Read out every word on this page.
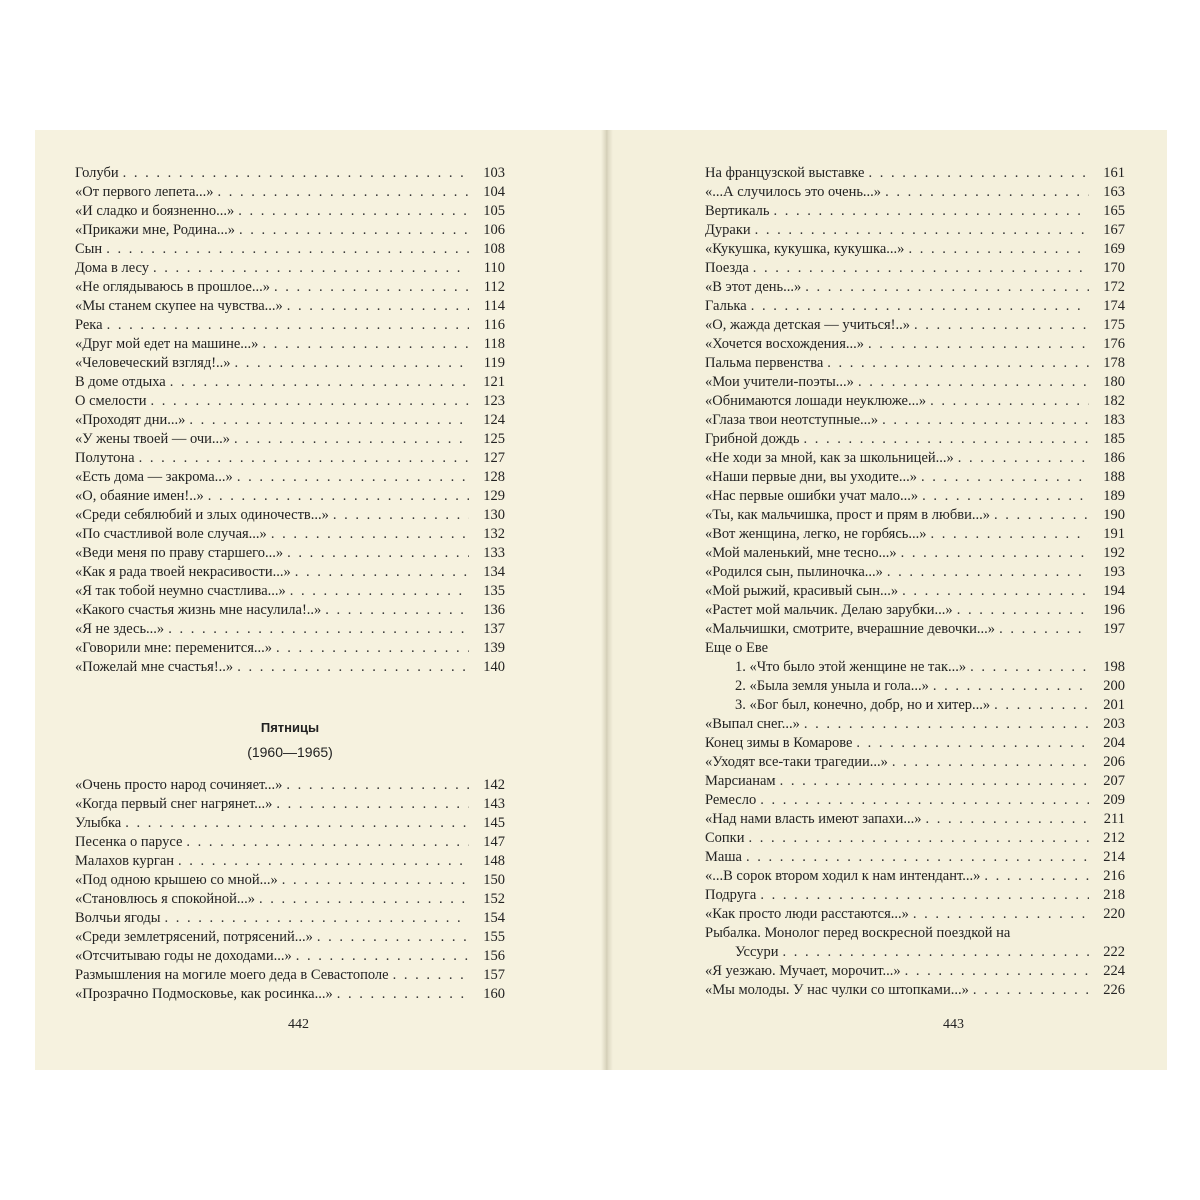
Голуби . . .	103
«От первого лепета...» . . .	104
«И сладко и боязненно...» . . .	105
«Прикажи мне, Родина...» . . .	106
Сын . . .	108
Дома в лесу . . .	110
«Не оглядываюсь в прошлое...» . . .	112
«Мы станем скупее на чувства...» . . .	114
Река . . .	116
«Друг мой едет на машине...» . . .	118
«Человеческий взгляд!..» . . .	119
В доме отдыха . . .	121
О смелости . . .	123
«Проходят дни...» . . .	124
«У жены твоей — очи...» . . .	125
Полутона . . .	127
«Есть дома — закрома...» . . .	128
«О, обаяние имен!..» . . .	129
«Среди себялюбий и злых одиночеств...» . . .	130
«По счастливой воле случая...» . . .	132
«Веди меня по праву старшего...» . . .	133
«Как я рада твоей некрасивости...» . . .	134
«Я так тобой неумно счастлива...» . . .	135
«Какого счастья жизнь мне насулила!..» . . .	136
«Я не здесь...» . . .	137
«Говорили мне: переменится...» . . .	139
«Пожелай мне счастья!..» . . .	140
Пятницы
(1960—1965)
«Очень просто народ сочиняет...» . . .	142
«Когда первый снег нагрянет...» . . .	143
Улыбка . . .	145
Песенка о парусе . . .	147
Малахов курган . . .	148
«Под одною крышею со мной...» . . .	150
«Становлюсь я спокойной...» . . .	152
Волчьи ягоды . . .	154
«Среди землетрясений, потрясений...» . . .	155
«Отсчитываю годы не доходами...» . . .	156
Размышления на могиле моего деда в Севастополе . . .	157
«Прозрачно Подмосковье, как росинка...» . . .	160
442
На французской выставке . . .	161
«...А случилось это очень...» . . .	163
Вертикаль . . .	165
Дураки . . .	167
«Кукушка, кукушка, кукушка...» . . .	169
Поезда . . .	170
«В этот день...» . . .	172
Галька . . .	174
«О, жажда детская — учиться!..» . . .	175
«Хочется восхождения...» . . .	176
Пальма первенства . . .	178
«Мои учители-поэты...» . . .	180
«Обнимаются лошади неуклюже...» . . .	182
«Глаза твои неотступные...» . . .	183
Грибной дождь . . .	185
«Не ходи за мной, как за школьницей...» . . .	186
«Наши первые дни, вы уходите...» . . .	188
«Нас первые ошибки учат мало...» . . .	189
«Ты, как мальчишка, прост и прям в любви...» . . .	190
«Вот женщина, легко, не горбясь...» . . .	191
«Мой маленький, мне тесно...» . . .	192
«Родился сын, пылиночка...» . . .	193
«Мой рыжий, красивый сын...» . . .	194
«Растет мой мальчик. Делаю зарубки...» . . .	196
«Мальчишки, смотрите, вчерашние девочки...» . . .	197
Еще о Еве
1. «Что было этой женщине не так...» . . .	198
2. «Была земля уныла и гола...» . . .	200
3. «Бог был, конечно, добр, но и хитер...» . . .	201
«Выпал снег...» . . .	203
Конец зимы в Комарове . . .	204
«Уходят все-таки трагедии...» . . .	206
Марсианам . . .	207
Ремесло . . .	209
«Над нами власть имеют запахи...» . . .	211
Сопки . . .	212
Маша . . .	214
«...В сорок втором ходил к нам интендант...» . . .	216
Подруга . . .	218
«Как просто люди расстаются...» . . .	220
Рыбалка. Монолог перед воскресной поездкой на
Уссури . . .	222
«Я уезжаю. Мучает, морочит...» . . .	224
«Мы молоды. У нас чулки со штопками...» . . .	226
443
